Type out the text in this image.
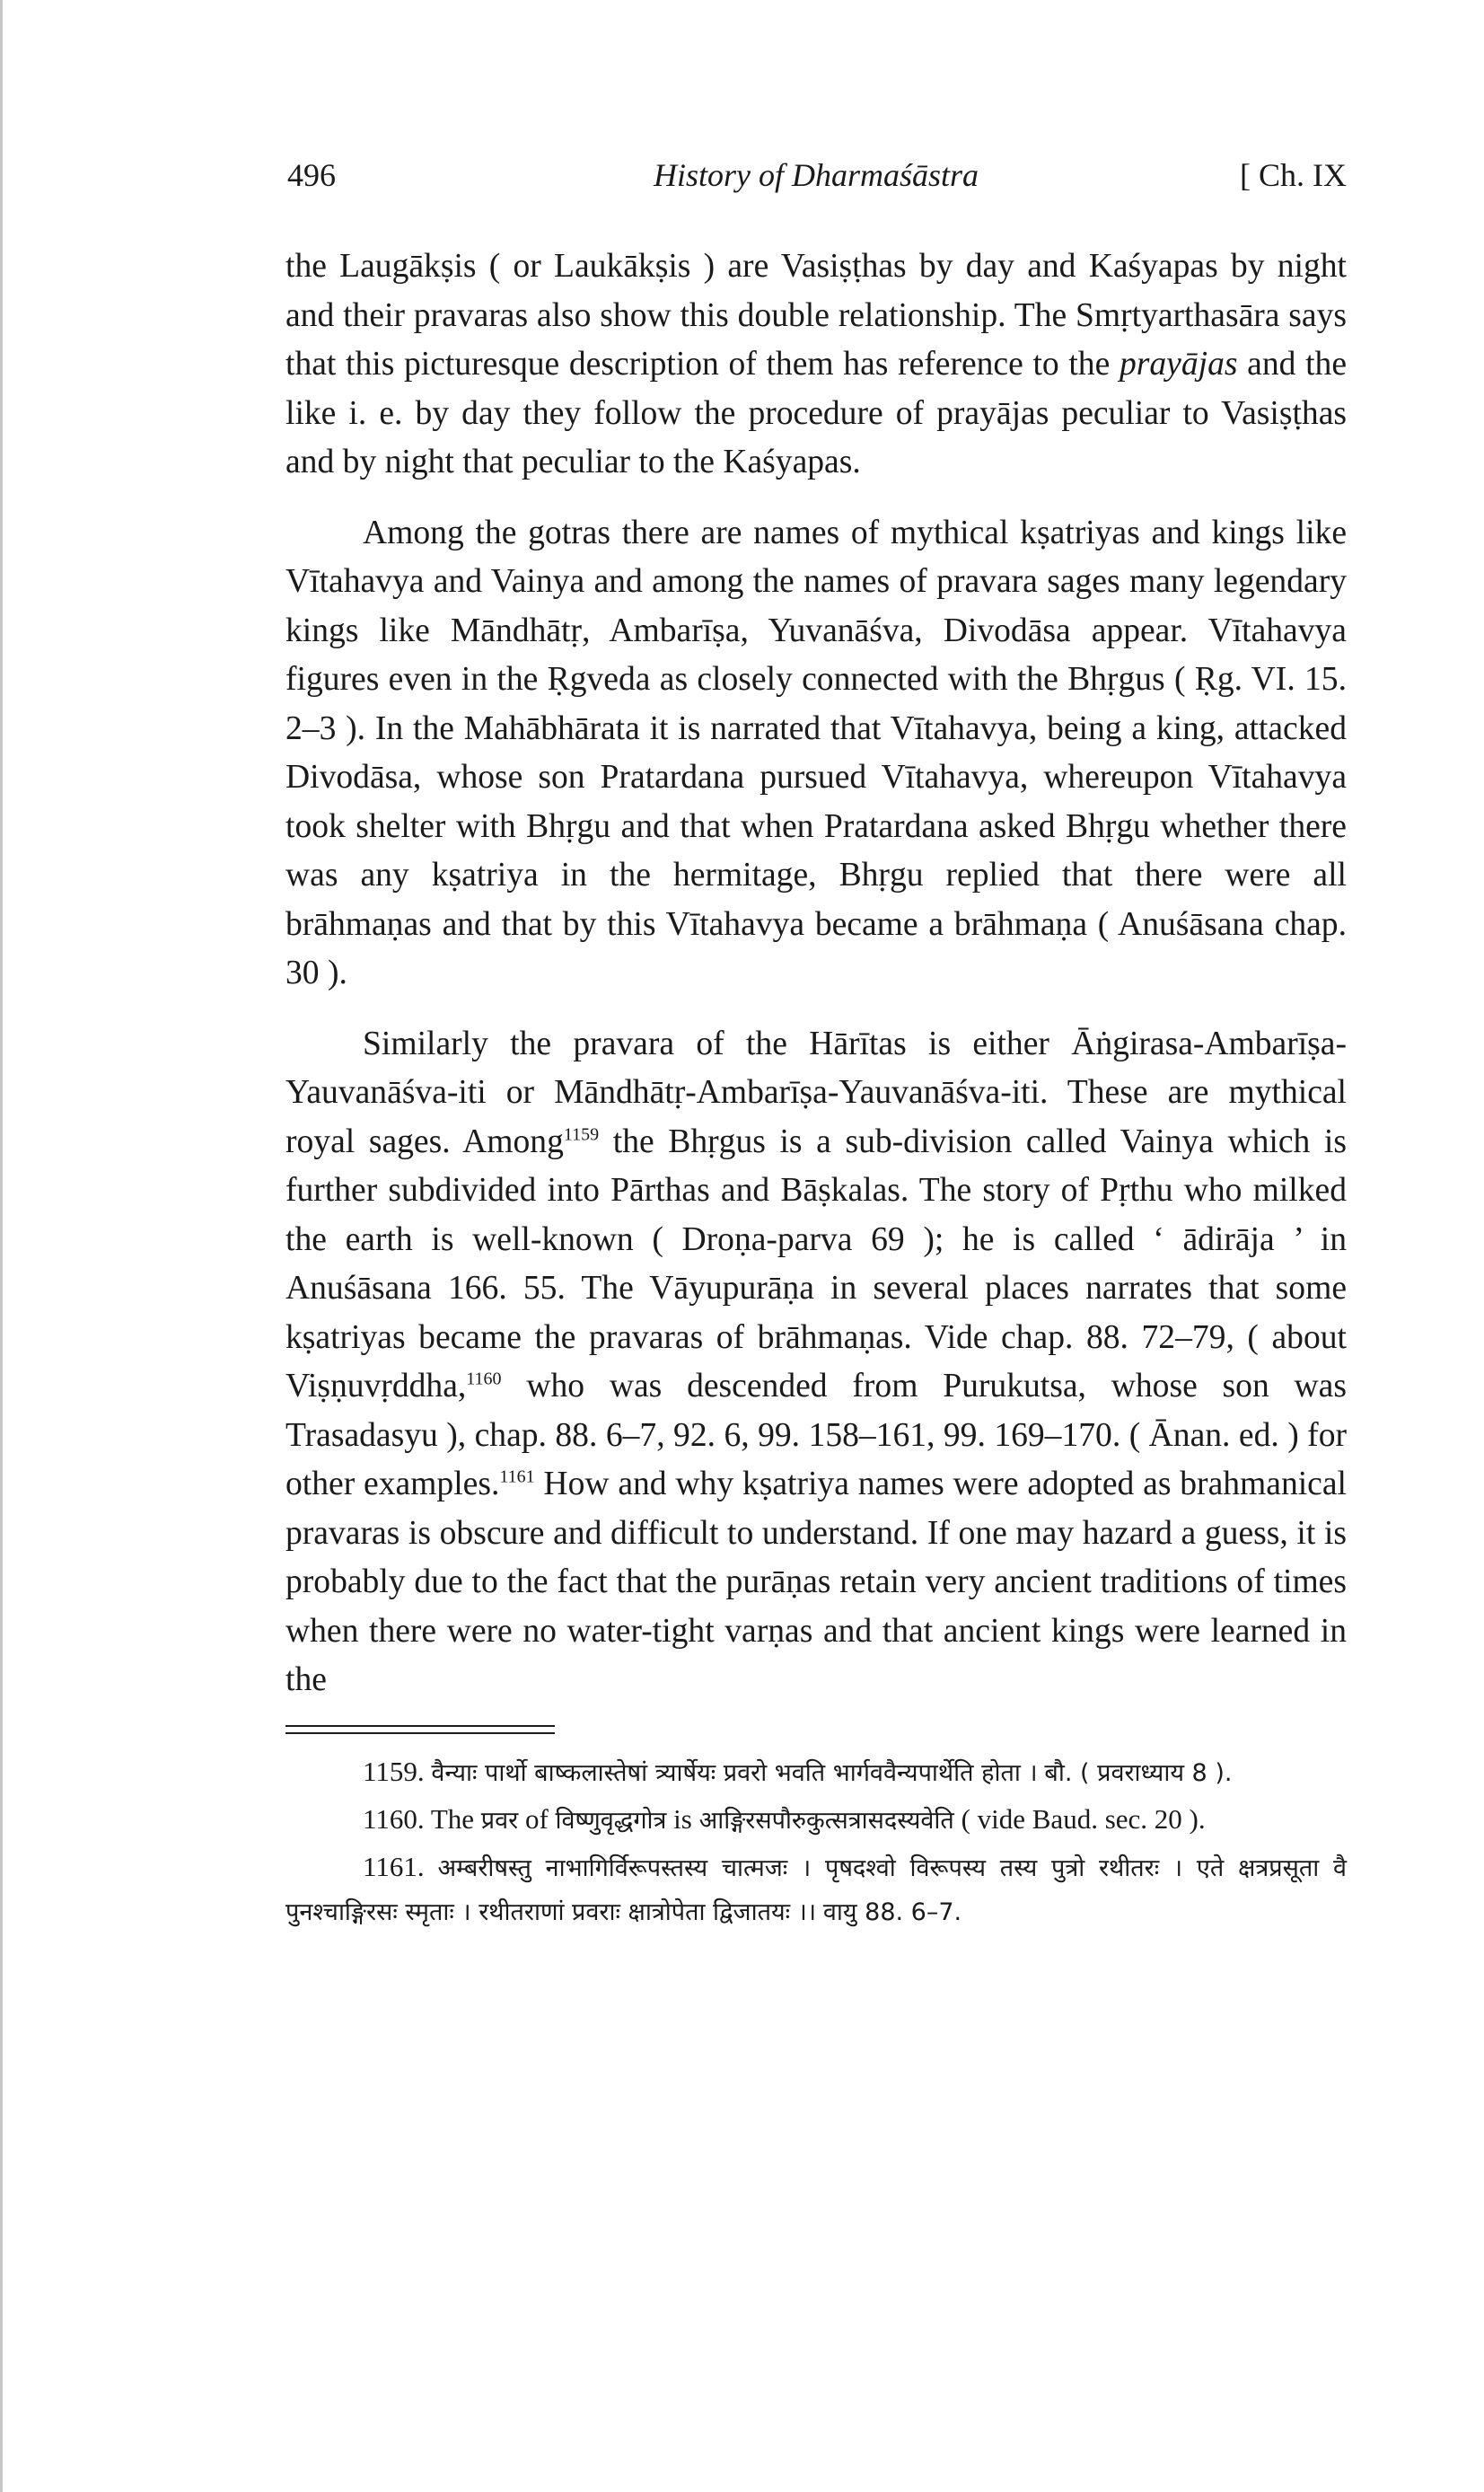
496	History of Dharmaśāstra	[ Ch. IX

the Laugākṣis ( or Laukākṣis ) are Vasiṣṭhas by day and Kaśyapas by night and their pravaras also show this double relationship. The Smṛtyarthasāra says that this picturesque description of them has reference to the prayājas and the like i. e. by day they follow the procedure of prayājas peculiar to Vasiṣṭhas and by night that peculiar to the Kaśyapas.

Among the gotras there are names of mythical kṣatriyas and kings like Vītahavya and Vainya and among the names of pravara sages many legendary kings like Māndhātṛ, Ambarīṣa, Yuvanāśva, Divodāsa appear. Vītahavya figures even in the Ṛgveda as closely connected with the Bhṛgus ( Ṛg. VI. 15. 2–3 ). In the Mahābhārata it is narrated that Vītahavya, being a king, attacked Divodāsa, whose son Pratardana pursued Vītahavya, whereupon Vītahavya took shelter with Bhṛgu and that when Pratardana asked Bhṛgu whether there was any kṣatriya in the hermitage, Bhṛgu replied that there were all brāhmaṇas and that by this Vītahavya became a brāhmaṇa ( Anuśāsana chap. 30 ).

Similarly the pravara of the Hārītas is either Āṅgirasa-Ambarīṣa-Yauvanāśva-iti or Māndhātṛ-Ambarīṣa-Yauvanāśva-iti. These are mythical royal sages. Among$^{1159}$ the Bhṛgus is a sub-division called Vainya which is further subdivided into Pārthas and Bāṣkalas. The story of Pṛthu who milked the earth is well-known ( Droṇa-parva 69 ); he is called ‘ ādirāja ’ in Anuśāsana 166. 55. The Vāyupurāṇa in several places narrates that some kṣatriyas became the pravaras of brāhmaṇas. Vide chap. 88. 72–79, ( about Viṣṇuvṛddha,$^{1160}$ who was descended from Purukutsa, whose son was Trasadasyu ), chap. 88. 6–7, 92. 6, 99. 158–161, 99. 169–170. ( Ānan. ed. ) for other examples.$^{1161}$ How and why kṣatriya names were adopted as brahmanical pravaras is obscure and difficult to understand. If one may hazard a guess, it is probably due to the fact that the purāṇas retain very ancient traditions of times when there were no water-tight varṇas and that ancient kings were learned in the

1159. वैन्याः पार्थो बाष्कलास्तेषां त्र्यार्षेयः प्रवरो भवति भार्गववैन्यपार्थेति होता । बौ. ( प्रवराध्याय 8 ).

1160. The प्रवर of विष्णुवृद्धगोत्र is आङ्गिरसपौरुकुत्सत्रासदस्यवेति ( vide Baud. sec. 20 ).

1161. अम्बरीषस्तु नाभागिर्विरूपस्तस्य चात्मजः । पृषदश्वो विरूपस्य तस्य पुत्रो रथीतरः । एते क्षत्रप्रसूता वै पुनश्चाङ्गिरसः स्मृताः । रथीतराणां प्रवराः क्षात्रोपेता द्विजातयः ।। वायु 88. 6–7.
